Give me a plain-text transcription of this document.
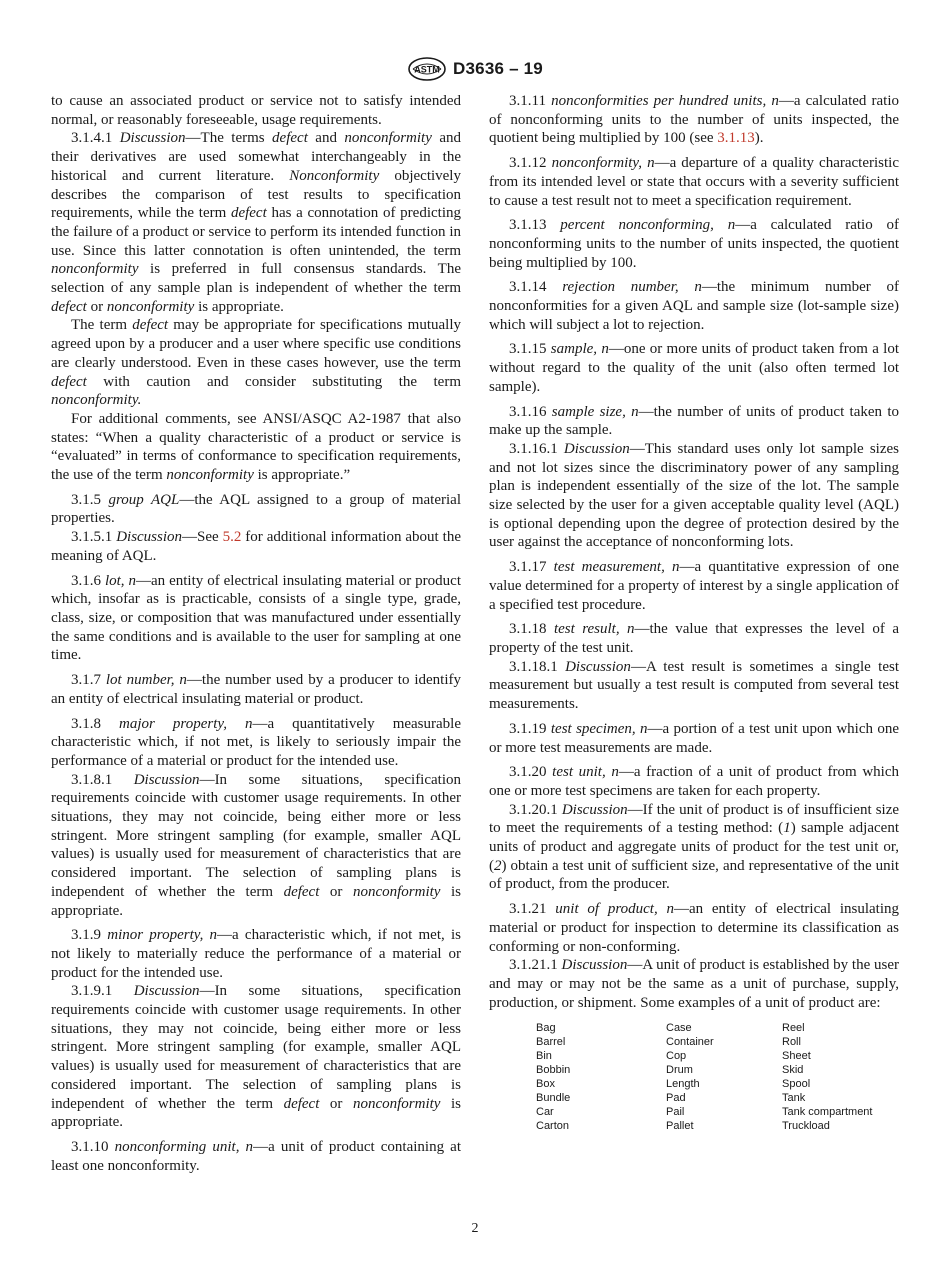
ASTM D3636 – 19

to cause an associated product or service not to satisfy intended normal, or reasonably foreseeable, usage requirements.

3.1.4.1 Discussion—The terms defect and nonconformity and their derivatives are used somewhat interchangeably in the historical and current literature. Nonconformity objectively describes the comparison of test results to specification requirements, while the term defect has a connotation of predicting the failure of a product or service to perform its intended function in use. Since this latter connotation is often unintended, the term nonconformity is preferred in full consensus standards. The selection of any sample plan is independent of whether the term defect or nonconformity is appropriate.

The term defect may be appropriate for specifications mutually agreed upon by a producer and a user where specific use conditions are clearly understood. Even in these cases however, use the term defect with caution and consider substituting the term nonconformity.

For additional comments, see ANSI/ASQC A2-1987 that also states: “When a quality characteristic of a product or service is “evaluated” in terms of conformance to specification requirements, the use of the term nonconformity is appropriate.”

3.1.5 group AQL—the AQL assigned to a group of material properties.

3.1.5.1 Discussion—See 5.2 for additional information about the meaning of AQL.

3.1.6 lot, n—an entity of electrical insulating material or product which, insofar as is practicable, consists of a single type, grade, class, size, or composition that was manufactured under essentially the same conditions and is available to the user for sampling at one time.

3.1.7 lot number, n—the number used by a producer to identify an entity of electrical insulating material or product.

3.1.8 major property, n—a quantitatively measurable characteristic which, if not met, is likely to seriously impair the performance of a material or product for the intended use.

3.1.8.1 Discussion—In some situations, specification requirements coincide with customer usage requirements. In other situations, they may not coincide, being either more or less stringent. More stringent sampling (for example, smaller AQL values) is usually used for measurement of characteristics that are considered important. The selection of sampling plans is independent of whether the term defect or nonconformity is appropriate.

3.1.9 minor property, n—a characteristic which, if not met, is not likely to materially reduce the performance of a material or product for the intended use.

3.1.9.1 Discussion—In some situations, specification requirements coincide with customer usage requirements. In other situations, they may not coincide, being either more or less stringent. More stringent sampling (for example, smaller AQL values) is usually used for measurement of characteristics that are considered important. The selection of sampling plans is independent of whether the term defect or nonconformity is appropriate.

3.1.10 nonconforming unit, n—a unit of product containing at least one nonconformity.

3.1.11 nonconformities per hundred units, n—a calculated ratio of nonconforming units to the number of units inspected, the quotient being multiplied by 100 (see 3.1.13).

3.1.12 nonconformity, n—a departure of a quality characteristic from its intended level or state that occurs with a severity sufficient to cause a test result not to meet a specification requirement.

3.1.13 percent nonconforming, n—a calculated ratio of nonconforming units to the number of units inspected, the quotient being multiplied by 100.

3.1.14 rejection number, n—the minimum number of nonconformities for a given AQL and sample size (lot-sample size) which will subject a lot to rejection.

3.1.15 sample, n—one or more units of product taken from a lot without regard to the quality of the unit (also often termed lot sample).

3.1.16 sample size, n—the number of units of product taken to make up the sample.

3.1.16.1 Discussion—This standard uses only lot sample sizes and not lot sizes since the discriminatory power of any sampling plan is independent essentially of the size of the lot. The sample size selected by the user for a given acceptable quality level (AQL) is optional depending upon the degree of protection desired by the user against the acceptance of nonconforming lots.

3.1.17 test measurement, n—a quantitative expression of one value determined for a property of interest by a single application of a specified test procedure.

3.1.18 test result, n—the value that expresses the level of a property of the test unit.

3.1.18.1 Discussion—A test result is sometimes a single test measurement but usually a test result is computed from several test measurements.

3.1.19 test specimen, n—a portion of a test unit upon which one or more test measurements are made.

3.1.20 test unit, n—a fraction of a unit of product from which one or more test specimens are taken for each property.

3.1.20.1 Discussion—If the unit of product is of insufficient size to meet the requirements of a testing method: (1) sample adjacent units of product and aggregate units of product for the test unit or, (2) obtain a test unit of sufficient size, and representative of the unit of product, from the producer.

3.1.21 unit of product, n—an entity of electrical insulating material or product for inspection to determine its classification as conforming or non-conforming.

3.1.21.1 Discussion—A unit of product is established by the user and may or may not be the same as a unit of purchase, supply, production, or shipment. Some examples of a unit of product are:

Bag	Case	Reel
Barrel	Container	Roll
Bin	Cop	Sheet
Bobbin	Drum	Skid
Box	Length	Spool
Bundle	Pad	Tank
Car	Pail	Tank compartment
Carton	Pallet	Truckload
2
